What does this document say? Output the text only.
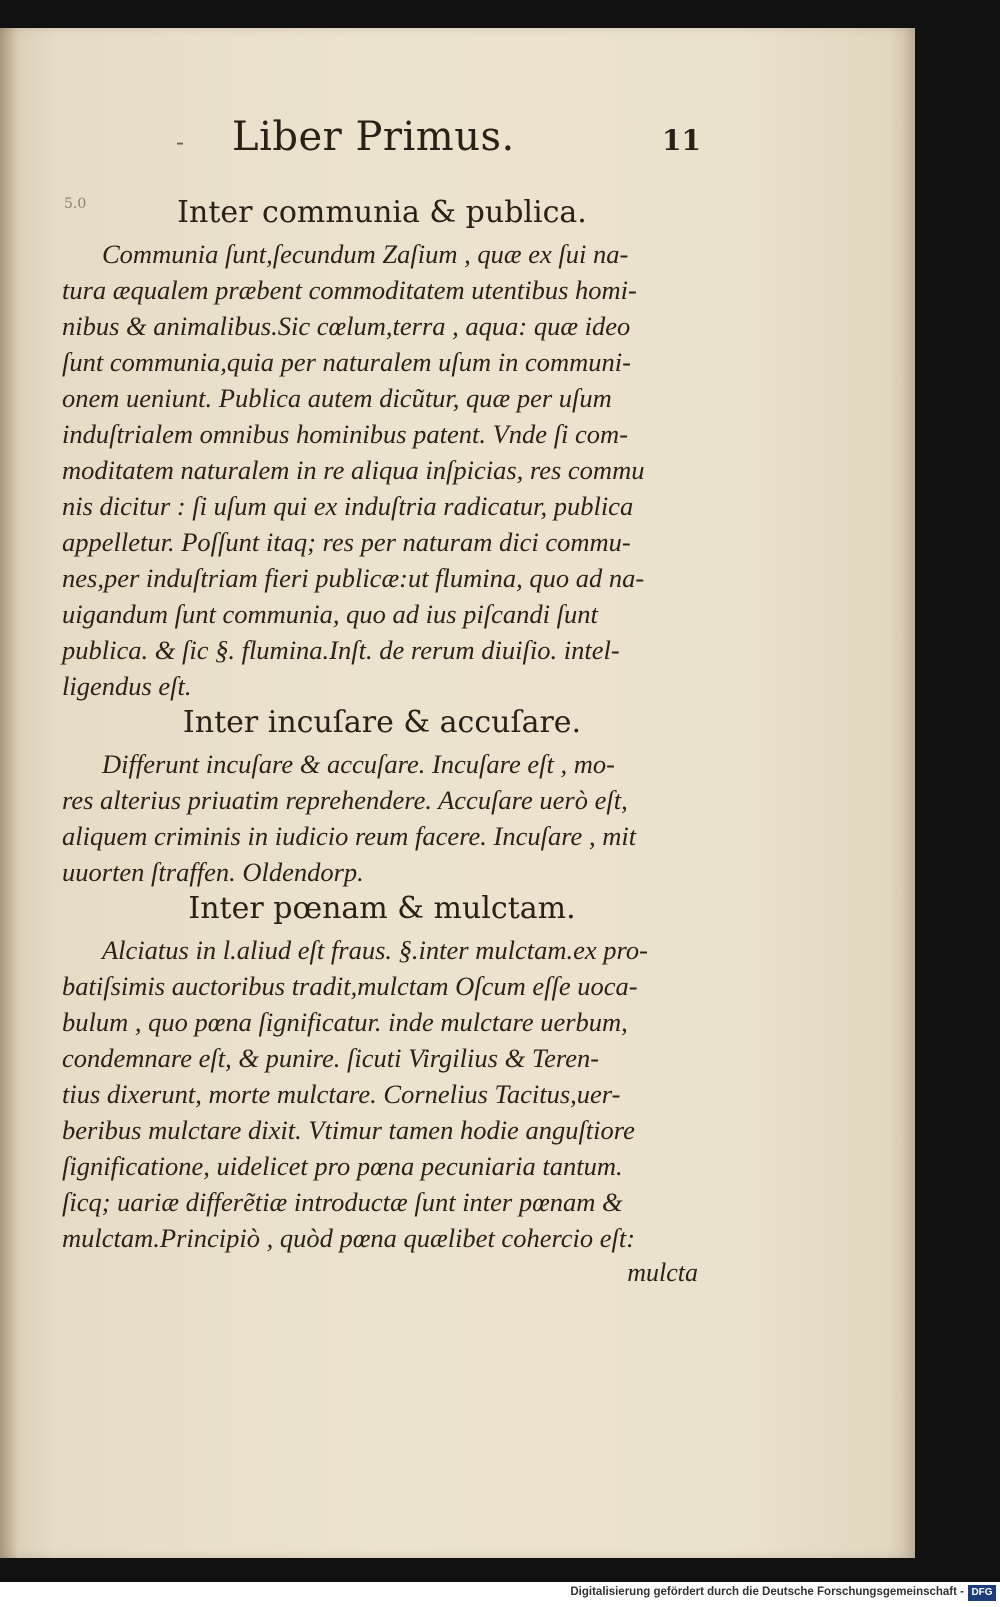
- Liber Primus.	11
5.0	Inter communia & publica.
Communia ſunt,ſecundum Zaſium , quæ ex ſui na-
tura æqualem præbent commoditatem utentibus homi-
nibus & animalibus.Sic cœlum,terra , aqua: quæ ideo
ſunt communia,quia per naturalem uſum in communi-
onem ueniunt. Publica autem dicũtur, quæ per uſum
induſtrialem omnibus hominibus patent. Vnde ſi com-
moditatem naturalem in re aliqua inſpicias, res commu
nis dicitur : ſi uſum qui ex induſtria radicatur, publica
appelletur. Poſſunt itaq; res per naturam dici commu-
nes,per induſtriam fieri publicæ:ut flumina, quo ad na-
uigandum ſunt communia, quo ad ius piſcandi ſunt
publica. & ſic §. flumina.Inſt. de rerum diuiſio. intel-
ligendus eſt.
Inter incuſare & accuſare.
Differunt incuſare & accuſare. Incuſare eſt , mo-
res alterius priuatim reprehendere. Accuſare uerò eſt,
aliquem criminis in iudicio reum facere. Incuſare , mit
uuorten ſtraffen. Oldendorp.
Inter pœnam & mulctam.
Alciatus in l.aliud eſt fraus. §.inter mulctam.ex pro-
batiſsimis auctoribus tradit,mulctam Oſcum eſſe uoca-
bulum , quo pœna ſignificatur. inde mulctare uerbum,
condemnare eſt, & punire. ſicuti Virgilius & Teren-
tius dixerunt, morte mulctare. Cornelius Tacitus,uer-
beribus mulctare dixit. Vtimur tamen hodie anguſtiore
ſignificatione, uidelicet pro pœna pecuniaria tantum.
ſicq; uariæ differẽtiæ introductæ ſunt inter pœnam &
mulctam.Principiò , quòd pœna quælibet cohercio eſt:
mulcta
Digitalisierung gefördert durch die Deutsche Forschungsgemeinschaft - DFG
